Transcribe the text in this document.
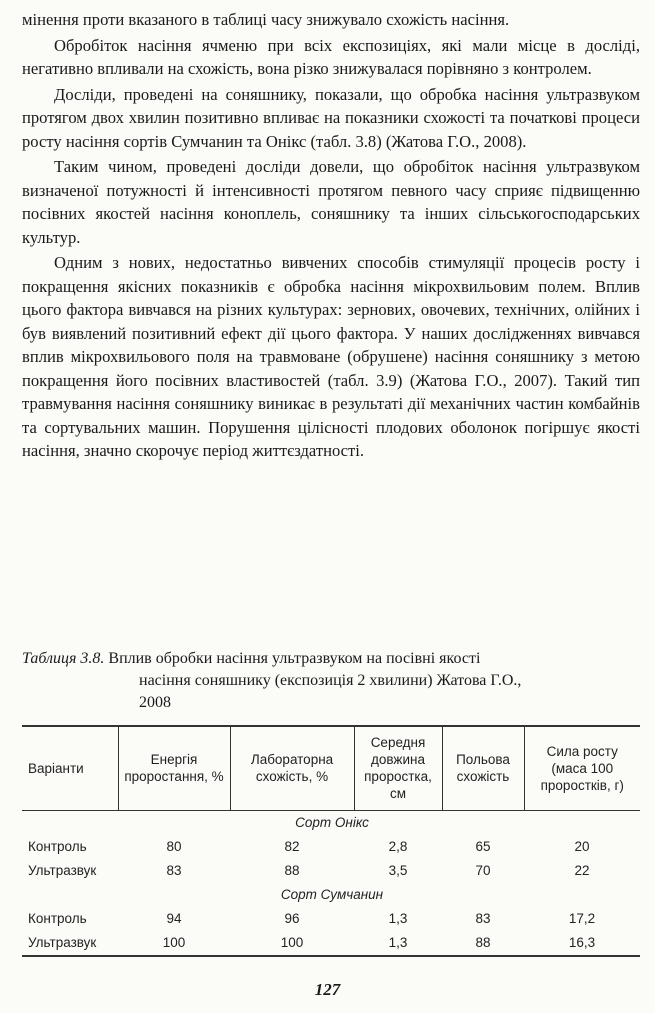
мінення проти вказаного в таблиці часу знижувало схожість насіння.

Обробіток насіння ячменю при всіх експозиціях, які мали місце в досліді, негативно впливали на схожість, вона різко знижувалася порівняно з контролем.

Досліди, проведені на соняшнику, показали, що обробка насіння ультразвуком протягом двох хвилин позитивно впливає на показники схожості та початкові процеси росту насіння сортів Сумчанин та Онікс (табл. 3.8) (Жатова Г.О., 2008).

Таким чином, проведені досліди довели, що обробіток насіння ультразвуком визначеної потужності й інтенсивності протягом певного часу сприяє підвищенню посівних якостей насіння коноплель, соняшнику та інших сільськогосподарських культур.

Одним з нових, недостатньо вивчених способів стимуляції процесів росту і покращення якісних показників є обробка насіння мікрохвильовим полем. Вплив цього фактора вивчався на різних культурах: зернових, овочевих, технічних, олійних і був виявлений позитивний ефект дії цього фактора. У наших дослідженнях вивчався вплив мікрохвильового поля на травмоване (обрушене) насіння соняшнику з метою покращення його посівних властивостей (табл. 3.9) (Жатова Г.О., 2007). Такий тип травмування насіння соняшнику виникає в результаті дії механічних частин комбайнів та сортувальних машин. Порушення цілісності плодових оболонок погіршує якості насіння, значно скорочує період життєздатності.

Таблиця 3.8. Вплив обробки насіння ультразвуком на посівні якості
насіння соняшнику (експозиція 2 хвилини) Жатова Г.О.,
2008
Варіанти	Енергія проростання, %	Лабораторна схожість, %	Середня довжина проростка, см	Польова схожість	Сила росту (маса 100 проростків, г)
Сорт Онікс					
Контроль	80	82	2,8	65	20
Ультразвук	83	88	3,5	70	22
Сорт Сумчанин					
Контроль	94	96	1,3	83	17,2
Ультразвук	100	100	1,3	88	16,3
127
